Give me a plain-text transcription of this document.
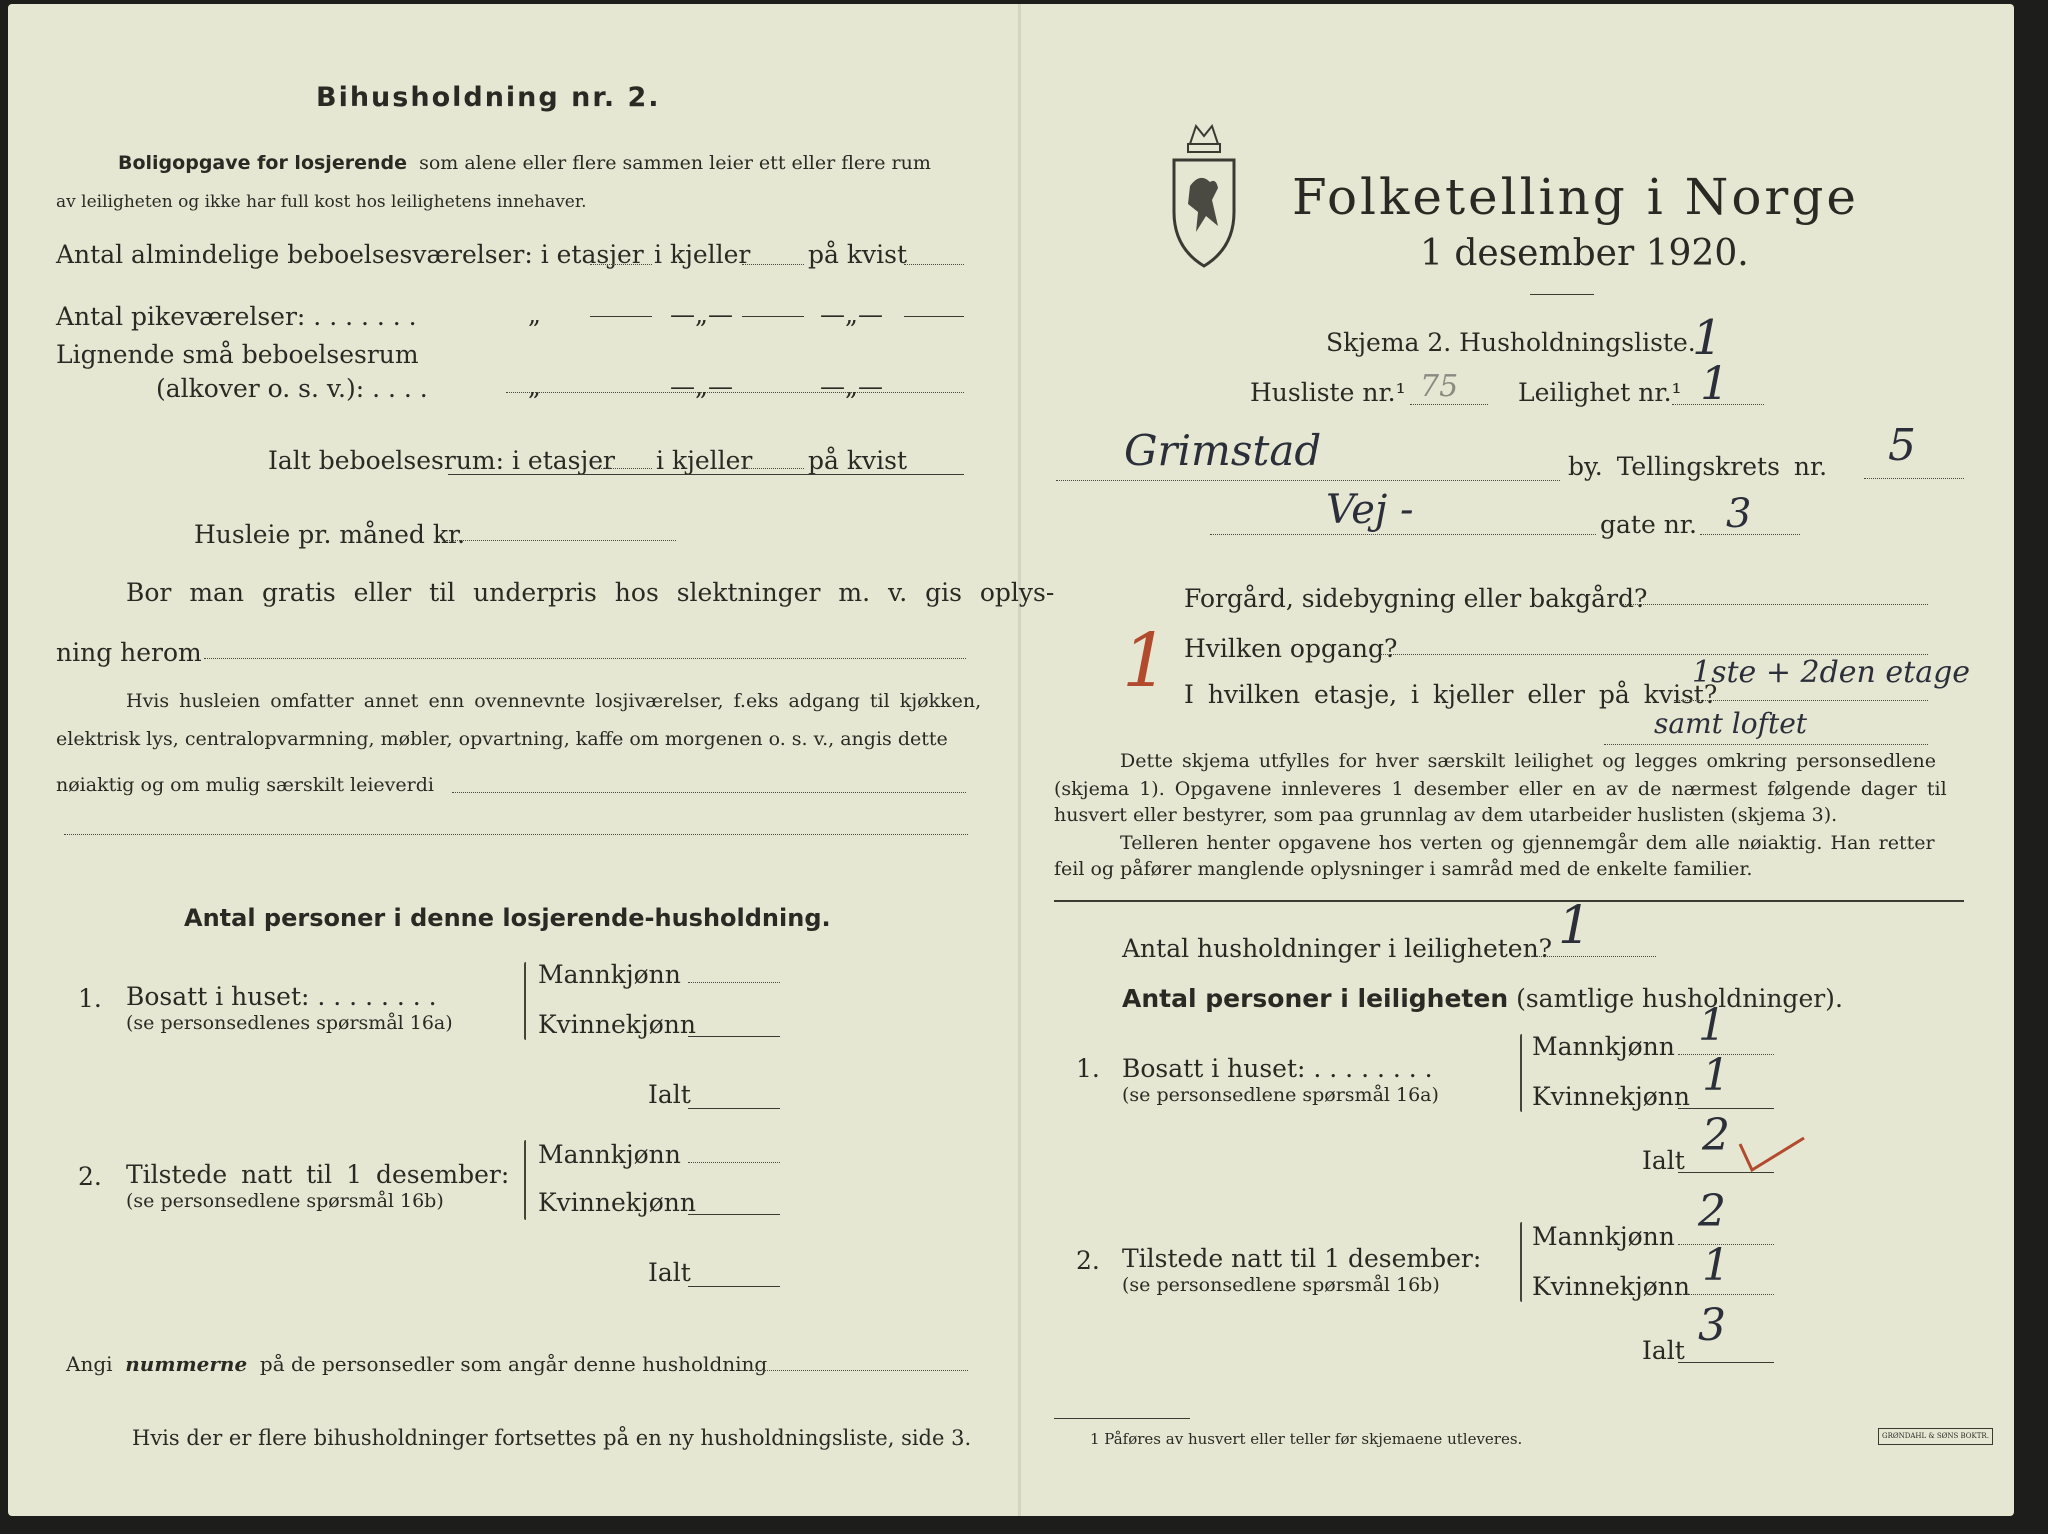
Bihusholdning nr. 2.
Boligopgave for losjerende som alene eller flere sammen leier ett eller flere rum
av leiligheten og ikke har full kost hos leilighetens innehaver.
Antal almindelige beboelsesværelser: i etasjer i kjeller på kvist
Antal pikeværelser: . . . . . . .	„	—„—	—„—
Lignende små beboelsesrum
(alkover o. s. v.): . . . .	„	—„—	—„—
Ialt beboelsesrum: i etasjer i kjeller på kvist
Husleie pr. måned kr.
Bor man gratis eller til underpris hos slektninger m. v. gis oplys-
ning herom
Hvis husleien omfatter annet enn ovennevnte losjiværelser, f.eks adgang til kjøkken,
elektrisk lys, centralopvarmning, møbler, opvartning, kaffe om morgenen o. s. v., angis dette
nøiaktig og om mulig særskilt leieverdi
Antal personer i denne losjerende-husholdning.
1. Bosatt i huset: . . . . . . . .
(se personsedlenes spørsmål 16a)
Mannkjønn
Kvinnekjønn
Ialt
2. Tilstede natt til 1 desember:
(se personsedlene spørsmål 16b)
Mannkjønn
Kvinnekjønn
Ialt
Angi nummerne på de personsedler som angår denne husholdning
Hvis der er flere bihusholdninger fortsettes på en ny husholdningsliste, side 3.
Folketelling i Norge
1 desember 1920.
Skjema 2. Husholdningsliste.
1
Husliste nr.¹ 75 Leilighet nr.¹ 1
Grimstad	by. Tellingskrets nr. 5
Vej -	gate nr. 3
Forgård, sidebygning eller bakgård?
1 Hvilken opgang?
I hvilken etasje, i kjeller eller på kvist?
1ste + 2den etage
samt loftet
Dette skjema utfylles for hver særskilt leilighet og legges omkring personsedlene
(skjema 1). Opgavene innleveres 1 desember eller en av de nærmest følgende dager til
husvert eller bestyrer, som paa grunnlag av dem utarbeider huslisten (skjema 3).
Telleren henter opgavene hos verten og gjennemgår dem alle nøiaktig. Han retter
feil og påfører manglende oplysninger i samråd med de enkelte familier.
Antal husholdninger i leiligheten? 1
Antal personer i leiligheten (samtlige husholdninger).
1. Bosatt i huset: . . . . . . . .
(se personsedlene spørsmål 16a)
Mannkjønn 1
Kvinnekjønn 1
Ialt 2
2. Tilstede natt til 1 desember:
(se personsedlene spørsmål 16b)
Mannkjønn 2
Kvinnekjønn 1
Ialt 3
1 Påføres av husvert eller teller før skjemaene utleveres.	GRØNDAHL & SØNS BOKTR.
